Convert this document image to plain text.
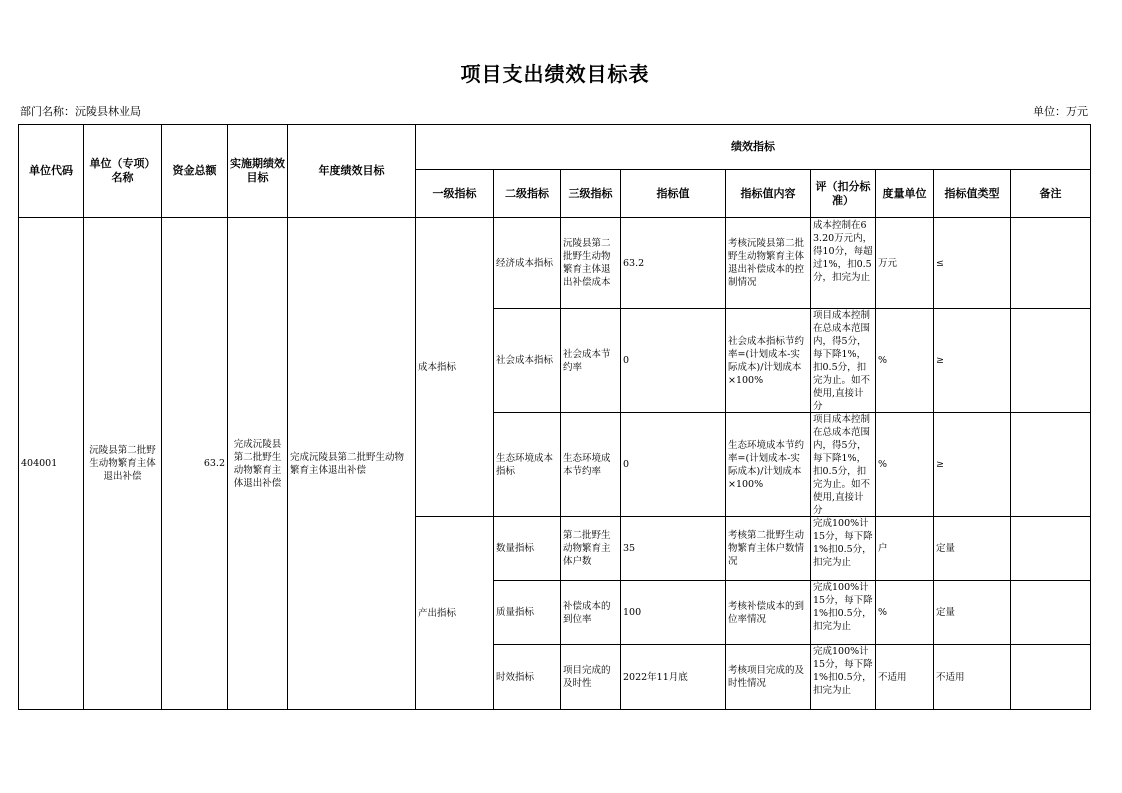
项目支出绩效目标表
部门名称：沅陵县林业局	单位：万元
单位代码	单位（专项）名称	资金总额	实施期绩效目标	年度绩效目标	绩效指标								
					一级指标	二级指标	三级指标	指标值	指标值内容	评（扣分标准）	度量单位	指标值类型	备注
404001	沅陵县第二批野生动物繁育主体退出补偿	63.2	完成沅陵县第二批野生动物繁育主体退出补偿	完成沅陵县第二批野生动物繁育主体退出补偿	成本指标	经济成本指标	沅陵县第二批野生动物繁育主体退出补偿成本	63.2	考核沅陵县第二批野生动物繁育主体退出补偿成本的控制情况	成本控制在63.20万元内，得10分，每超过1%，扣0.5分，扣完为止	万元	≤	
						社会成本指标	社会成本节约率	0	社会成本指标节约率=(计划成本-实际成本)/计划成本×100%	项目成本控制在总成本范围内，得5分，每下降1%，扣0.5分，扣完为止。如不使用,直接计分	%	≥	
						生态环境成本指标	生态环境成本节约率	0	生态环境成本节约率=(计划成本-实际成本)/计划成本×100%	项目成本控制在总成本范围内，得5分，每下降1%，扣0.5分，扣完为止。如不使用,直接计分	%	≥	
					产出指标	数量指标	第二批野生动物繁育主体户数	35	考核第二批野生动物繁育主体户数情况	完成100%计15分，每下降1%扣0.5分，扣完为止	户	定量	
						质量指标	补偿成本的到位率	100	考核补偿成本的到位率情况	完成100%计15分，每下降1%扣0.5分，扣完为止	%	定量	
						时效指标	项目完成的及时性	2022年11月底	考核项目完成的及时性情况	完成100%计15分，每下降1%扣0.5分，扣完为止	不适用	不适用	
